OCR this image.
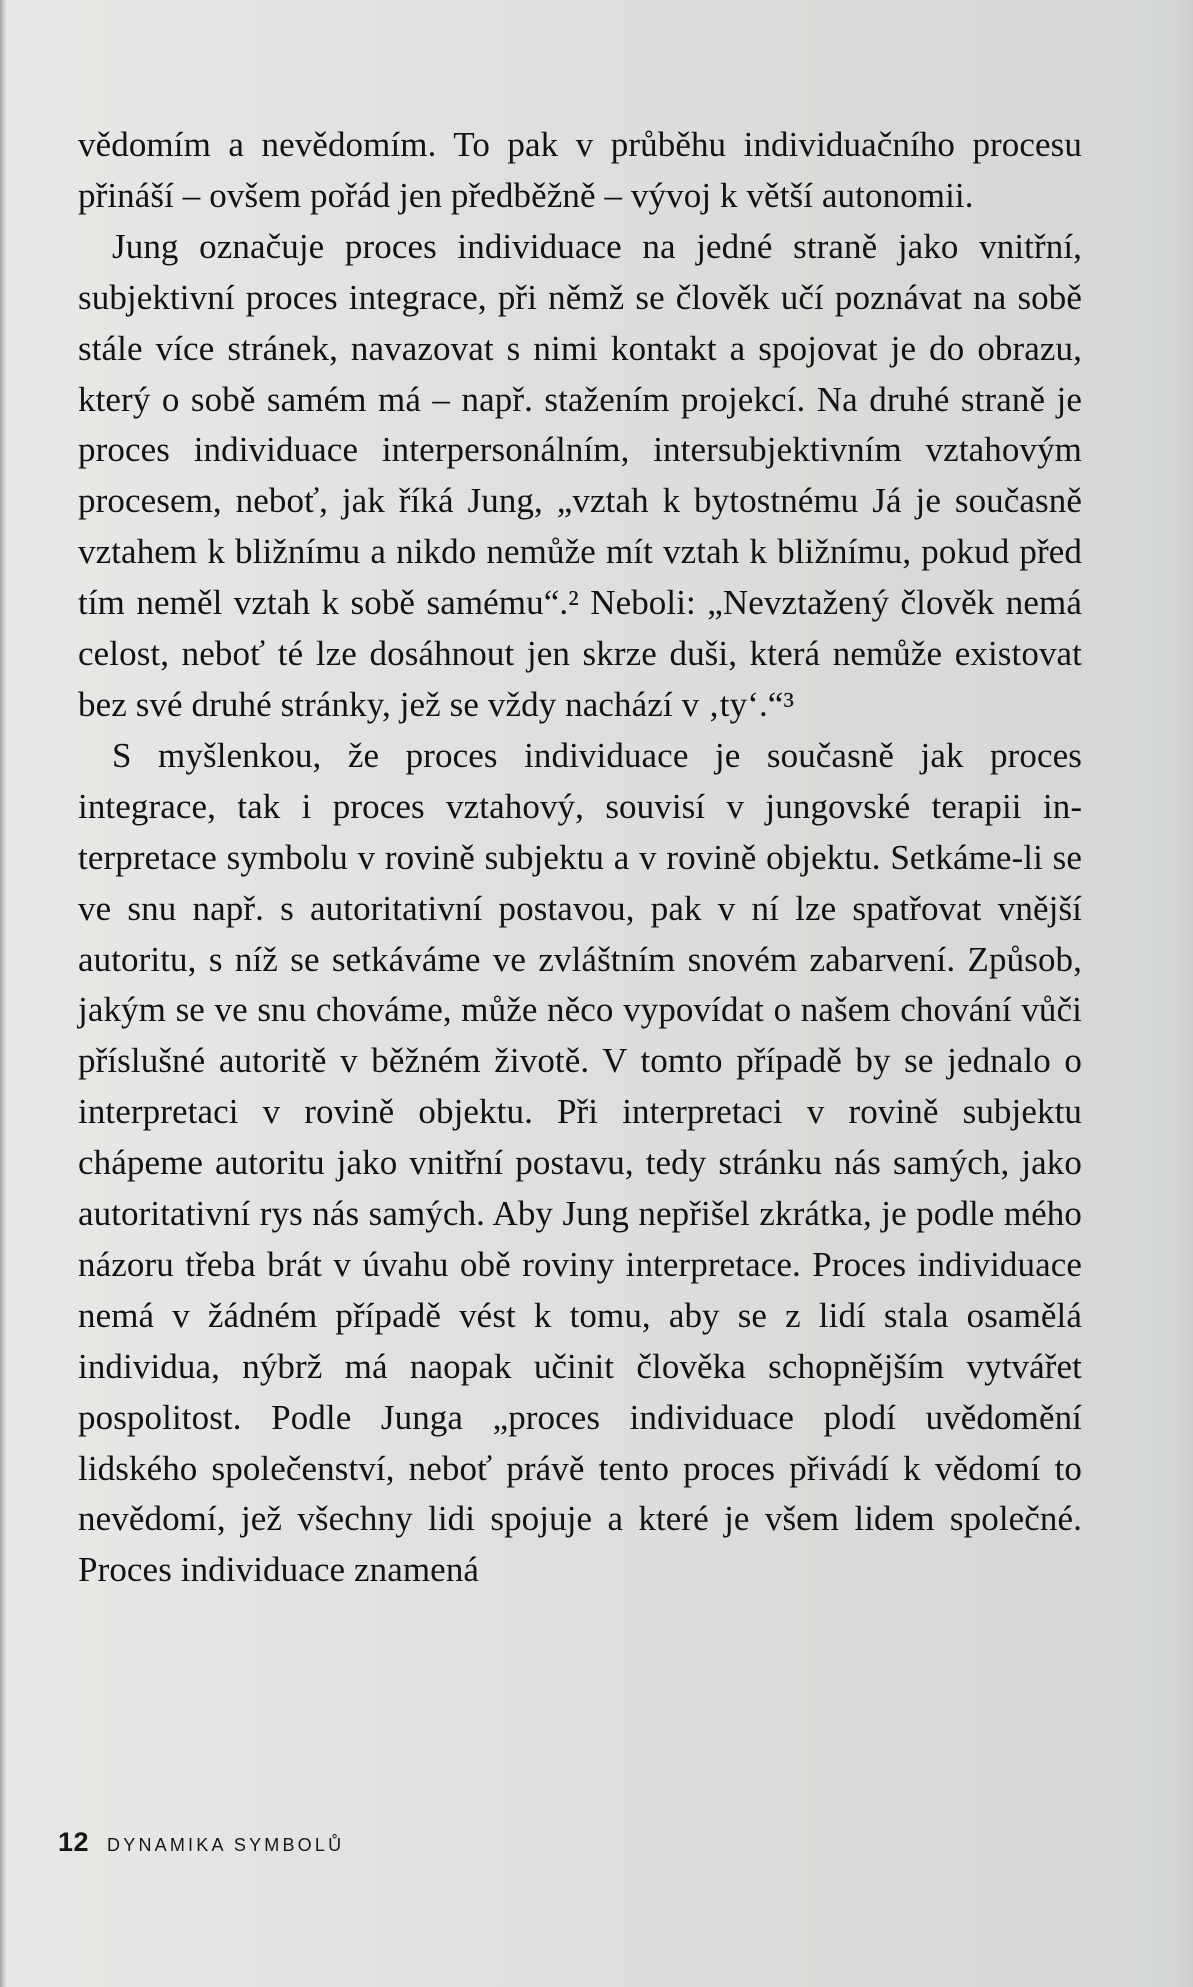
vědomím a nevědomím. To pak v průběhu individuačního procesu přináší – ovšem pořád jen předběžně – vývoj k větší autonomii.

Jung označuje proces individuace na jedné straně jako vnitřní, subjektivní proces integrace, při němž se člověk učí poznávat na sobě stále více stránek, navazovat s nimi kontakt a spojovat je do obrazu, který o sobě samém má – např. stažením projekcí. Na druhé straně je proces individuace interpersonálním, intersubjektivním vztahovým procesem, neboť, jak říká Jung, „vztah k bytostnému Já je současně vztahem k bližnímu a nikdo nemůže mít vztah k bližnímu, pokud před tím neměl vztah k sobě samému“.² Neboli: „Nevztažený člověk nemá celost, neboť té lze dosáhnout jen skrze duši, která nemůže existovat bez své druhé stránky, jež se vždy nachází v ‚ty‘.“³

S myšlenkou, že proces individuace je současně jak proces integrace, tak i proces vztahový, souvisí v jungovské terapii interpretace symbolu v rovině subjektu a v rovině objektu. Setkáme-li se ve snu např. s autoritativní postavou, pak v ní lze spatřovat vnější autoritu, s níž se setkáváme ve zvláštním snovém zabarvení. Způsob, jakým se ve snu chováme, může něco vypovídat o našem chování vůči příslušné autoritě v běžném životě. V tomto případě by se jednalo o interpretaci v rovině objektu. Při interpretaci v rovině subjektu chápeme autoritu jako vnitřní postavu, tedy stránku nás samých, jako autoritativní rys nás samých. Aby Jung nepřišel zkrátka, je podle mého názoru třeba brát v úvahu obě roviny interpretace. Proces individuace nemá v žádném případě vést k tomu, aby se z lidí stala osamělá individua, nýbrž má naopak učinit člověka schopnějším vytvářet pospolitost. Podle Junga „proces individuace plodí uvědomění lidského společenství, neboť právě tento proces přivádí k vědomí to nevědomí, jež všechny lidi spojuje a které je všem lidem společné. Proces individuace znamená

12 DYNAMIKA SYMBOLŮ
